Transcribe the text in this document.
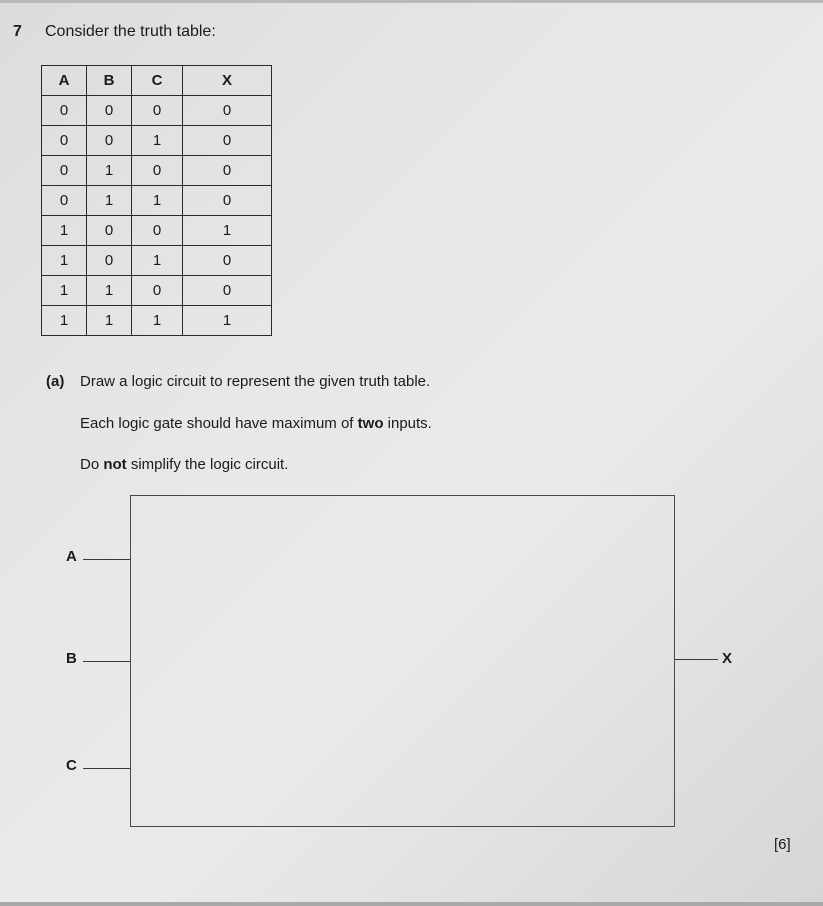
7 Consider the truth table:
A	B	C	X
0	0	0	0
0	0	1	0
0	1	0	0
0	1	1	0
1	0	0	1
1	0	1	0
1	1	0	0
1	1	1	1
(a) Draw a logic circuit to represent the given truth table.
Each logic gate should have maximum of two inputs.
Do not simplify the logic circuit.
A
B
C
X
[6]
